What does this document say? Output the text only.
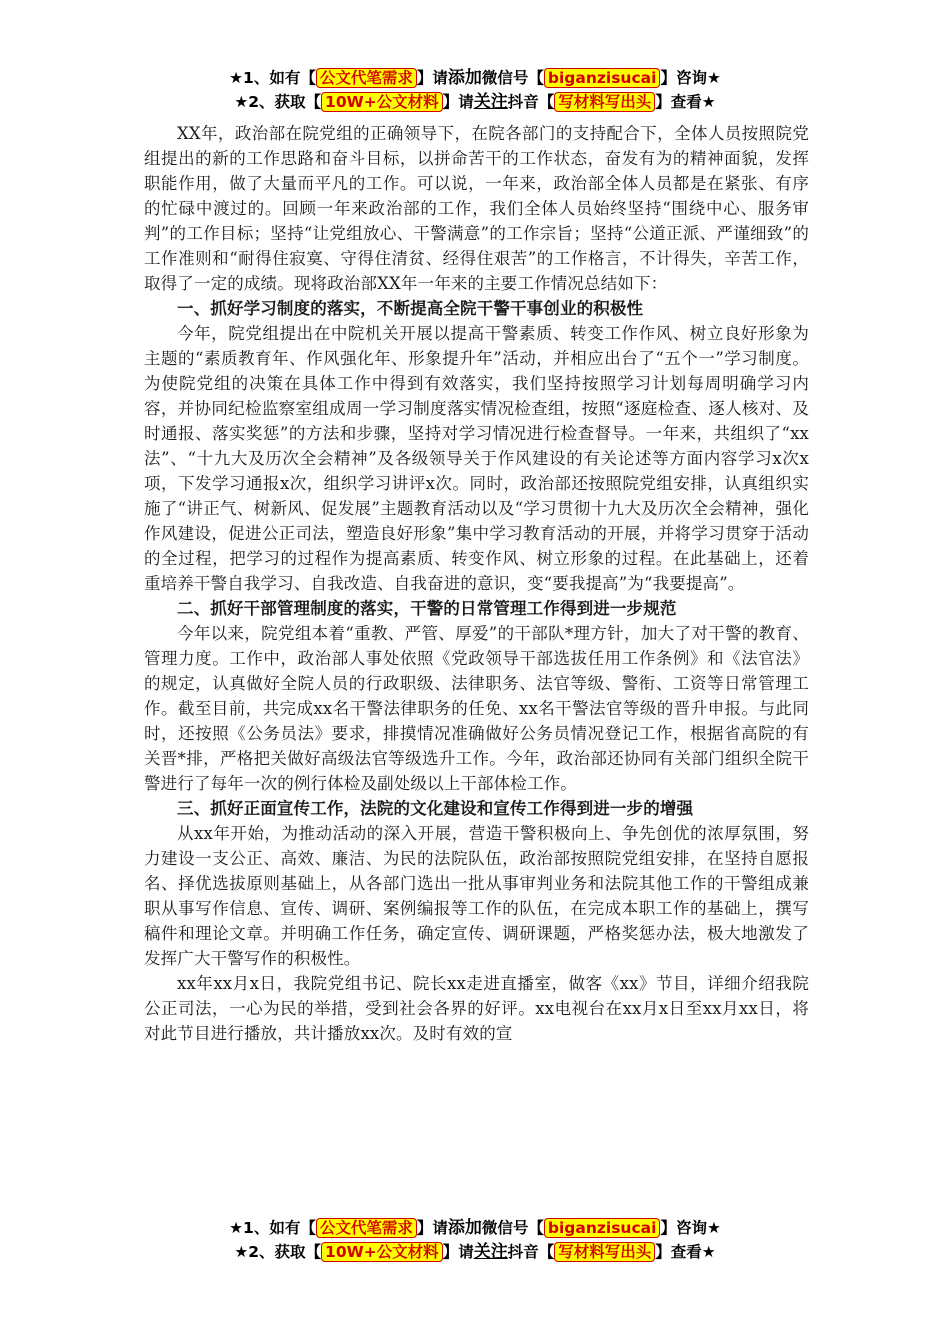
★1、如有【 公文代笔需求 】请添加微信号【 biganzisucai 】咨询★
★2、获取【 10W+公文材料 】请关注抖音【 写材料写出头 】查看★

XX年，政治部在院党组的正确领导下，在院各部门的支持配合下，全体人员按照院党组提出的新的工作思路和奋斗目标，以拼命苦干的工作状态，奋发有为的精神面貌，发挥职能作用，做了大量而平凡的工作。可以说，一年来，政治部全体人员都是在紧张、有序的忙碌中渡过的。回顾一年来政治部的工作，我们全体人员始终坚持“围绕中心、服务审判”的工作目标；坚持“让党组放心、干警满意”的工作宗旨；坚持“公道正派、严谨细致”的工作准则和“耐得住寂寞、守得住清贫、经得住艰苦”的工作格言，不计得失，辛苦工作，取得了一定的成绩。现将政治部XX年一年来的主要工作情况总结如下：

一、抓好学习制度的落实，不断提高全院干警干事创业的积极性

今年，院党组提出在中院机关开展以提高干警素质、转变工作作风、树立良好形象为主题的“素质教育年、作风强化年、形象提升年”活动，并相应出台了“五个一”学习制度。为使院党组的决策在具体工作中得到有效落实，我们坚持按照学习计划每周明确学习内容，并协同纪检监察室组成周一学习制度落实情况检查组，按照“逐庭检查、逐人核对、及时通报、落实奖惩”的方法和步骤，坚持对学习情况进行检查督导。一年来，共组织了“xx法”、“十九大及历次全会精神”及各级领导关于作风建设的有关论述等方面内容学习x次x项，下发学习通报x次，组织学习讲评x次。同时，政治部还按照院党组安排，认真组织实施了“讲正气、树新风、促发展”主题教育活动以及“学习贯彻十九大及历次全会精神，强化作风建设，促进公正司法，塑造良好形象”集中学习教育活动的开展，并将学习贯穿于活动的全过程，把学习的过程作为提高素质、转变作风、树立形象的过程。在此基础上，还着重培养干警自我学习、自我改造、自我奋进的意识，变“要我提高”为“我要提高”。

二、抓好干部管理制度的落实，干警的日常管理工作得到进一步规范

今年以来，院党组本着“重教、严管、厚爱”的干部队*理方针，加大了对干警的教育、管理力度。工作中，政治部人事处依照《党政领导干部选拔任用工作条例》和《法官法》的规定，认真做好全院人员的行政职级、法律职务、法官等级、警衔、工资等日常管理工作。截至目前，共完成xx名干警法律职务的任免、xx名干警法官等级的晋升申报。与此同时，还按照《公务员法》要求，排摸情况准确做好公务员情况登记工作，根据省高院的有关晋*排，严格把关做好高级法官等级选升工作。今年，政治部还协同有关部门组织全院干警进行了每年一次的例行体检及副处级以上干部体检工作。

三、抓好正面宣传工作，法院的文化建设和宣传工作得到进一步的增强

从xx年开始，为推动活动的深入开展，营造干警积极向上、争先创优的浓厚氛围，努力建设一支公正、高效、廉洁、为民的法院队伍，政治部按照院党组安排，在坚持自愿报名、择优选拔原则基础上，从各部门选出一批从事审判业务和法院其他工作的干警组成兼职从事写作信息、宣传、调研、案例编报等工作的队伍，在完成本职工作的基础上，撰写稿件和理论文章。并明确工作任务，确定宣传、调研课题，严格奖惩办法，极大地激发了发挥广大干警写作的积极性。

xx年xx月x日，我院党组书记、院长xx走进直播室，做客《xx》节目，详细介绍我院公正司法，一心为民的举措，受到社会各界的好评。xx电视台在xx月x日至xx月xx日，将对此节目进行播放，共计播放xx次。及时有效的宣

★1、如有【 公文代笔需求 】请添加微信号【 biganzisucai 】咨询★
★2、获取【 10W+公文材料 】请关注抖音【 写材料写出头 】查看★
